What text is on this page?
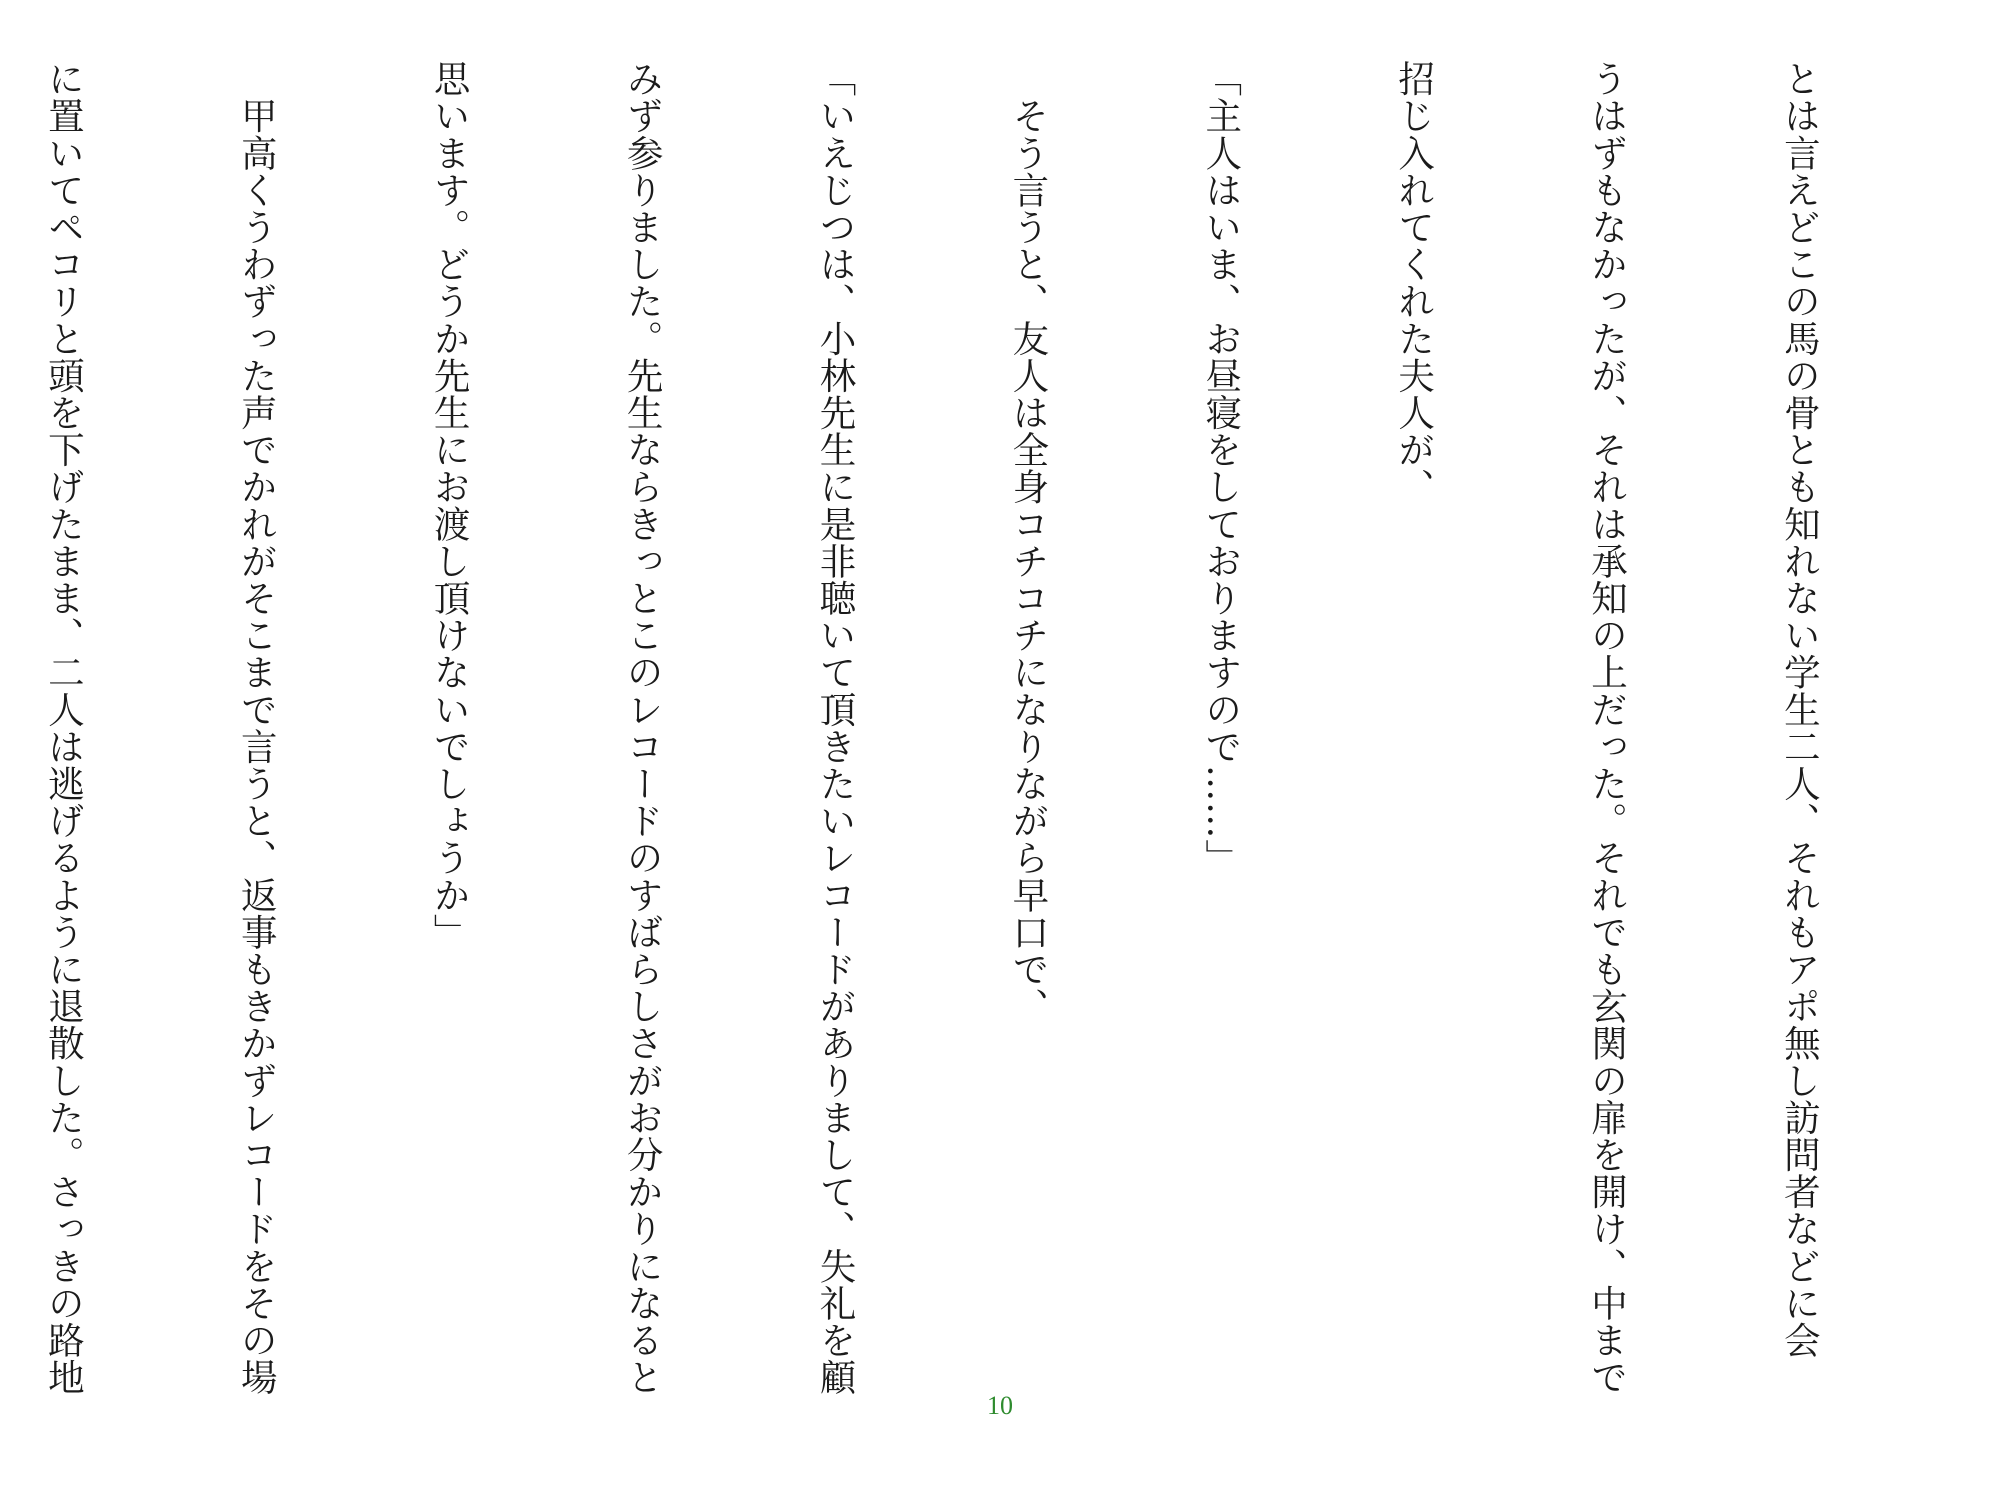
とは言えどこの馬の骨とも知れない学生二人、それもアポ無し訪問者などに会

うはずもなかったが、それは承知の上だった。それでも玄関の扉を開け、中まで

招じ入れてくれた夫人が、

「主人はいま、お昼寝をしておりますので……」

　そう言うと、友人は全身コチコチになりながら早口で、

「いえじつは、小林先生に是非聴いて頂きたいレコードがありまして、失礼を顧

みず参りました。先生ならきっとこのレコードのすばらしさがお分かりになると

思います。どうか先生にお渡し頂けないでしょうか」

　甲高くうわずった声でかれがそこまで言うと、返事もきかずレコードをその場

に置いてペコリと頭を下げたまま、二人は逃げるように退散した。さっきの路地

10
